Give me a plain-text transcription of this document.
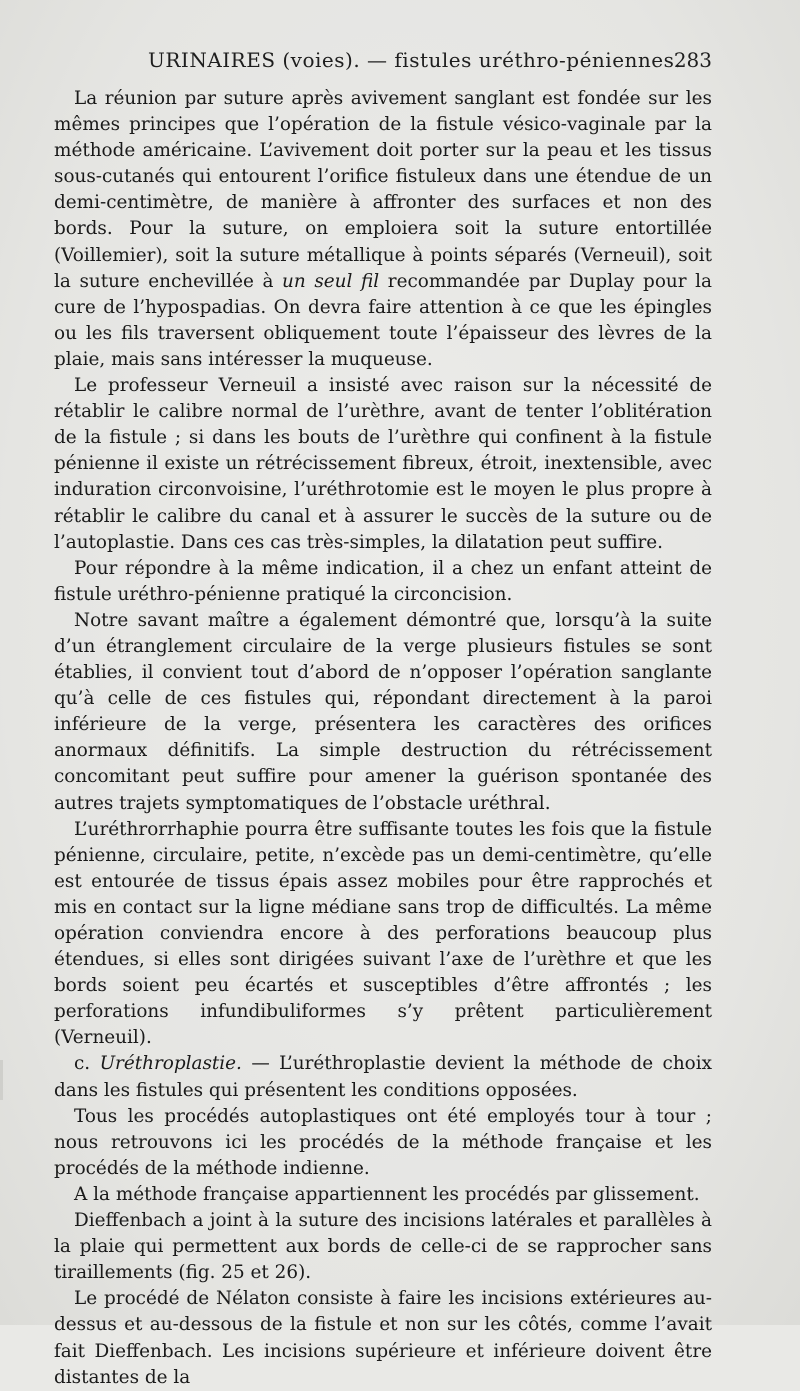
URINAIRES (voies). — fistules uréthro-péniennes.
283

La réunion par suture après avivement sanglant est fondée sur les mêmes principes que l’opération de la fistule vésico-vaginale par la méthode américaine. L’avivement doit porter sur la peau et les tissus sous-cutanés qui entourent l’orifice fistuleux dans une étendue de un demi-centimètre, de manière à affronter des surfaces et non des bords. Pour la suture, on emploiera soit la suture entortillée (Voillemier), soit la suture métallique à points séparés (Verneuil), soit la suture enchevillée à un seul fil recommandée par Duplay pour la cure de l’hypospadias. On devra faire attention à ce que les épingles ou les fils traversent obliquement toute l’épaisseur des lèvres de la plaie, mais sans intéresser la muqueuse.

Le professeur Verneuil a insisté avec raison sur la nécessité de rétablir le calibre normal de l’urèthre, avant de tenter l’oblitération de la fistule ; si dans les bouts de l’urèthre qui confinent à la fistule pénienne il existe un rétrécissement fibreux, étroit, inextensible, avec induration circonvoisine, l’uréthrotomie est le moyen le plus propre à rétablir le calibre du canal et à assurer le succès de la suture ou de l’autoplastie. Dans ces cas très-simples, la dilatation peut suffire.

Pour répondre à la même indication, il a chez un enfant atteint de fistule uréthro-pénienne pratiqué la circoncision.

Notre savant maître a également démontré que, lorsqu’à la suite d’un étranglement circulaire de la verge plusieurs fistules se sont établies, il convient tout d’abord de n’opposer l’opération sanglante qu’à celle de ces fistules qui, répondant directement à la paroi inférieure de la verge, présentera les caractères des orifices anormaux définitifs. La simple destruction du rétrécissement concomitant peut suffire pour amener la guérison spontanée des autres trajets symptomatiques de l’obstacle uréthral.

L’uréthrorrhaphie pourra être suffisante toutes les fois que la fistule pénienne, circulaire, petite, n’excède pas un demi-centimètre, qu’elle est entourée de tissus épais assez mobiles pour être rapprochés et mis en contact sur la ligne médiane sans trop de difficultés. La même opération conviendra encore à des perforations beaucoup plus étendues, si elles sont dirigées suivant l’axe de l’urèthre et que les bords soient peu écartés et susceptibles d’être affrontés ; les perforations infundibuliformes s’y prêtent particulièrement (Verneuil).

c. Uréthroplastie. — L’uréthroplastie devient la méthode de choix dans les fistules qui présentent les conditions opposées.

Tous les procédés autoplastiques ont été employés tour à tour ; nous retrouvons ici les procédés de la méthode française et les procédés de la méthode indienne.

A la méthode française appartiennent les procédés par glissement.

Dieffenbach a joint à la suture des incisions latérales et parallèles à la plaie qui permettent aux bords de celle-ci de se rapprocher sans tiraillements (fig. 25 et 26).

Le procédé de Nélaton consiste à faire les incisions extérieures au-dessus et au-dessous de la fistule et non sur les côtés, comme l’avait fait Dieffenbach. Les incisions supérieure et inférieure doivent être distantes de la
